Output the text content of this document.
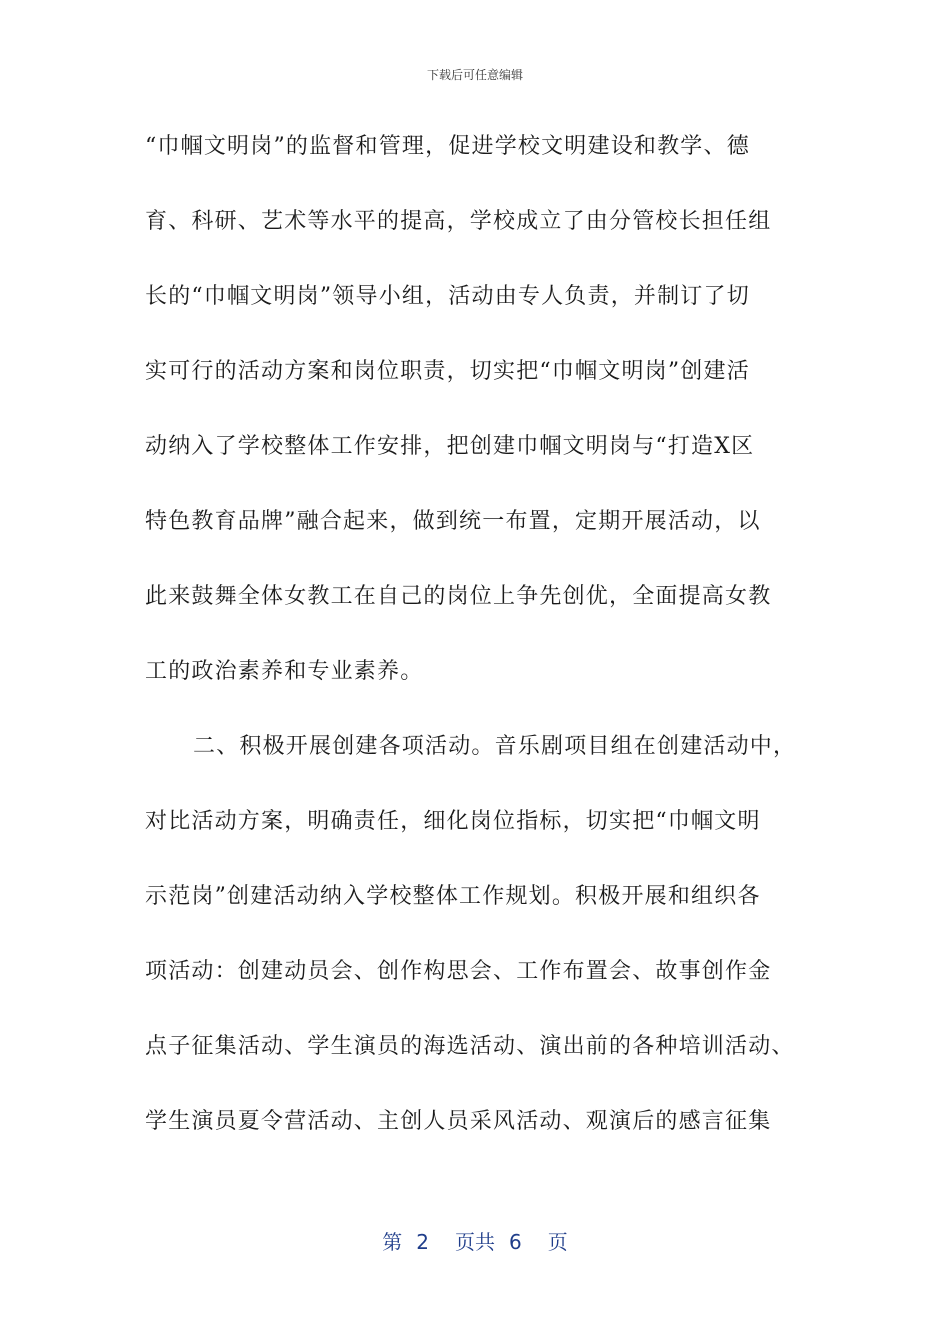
下载后可任意编辑
“巾帼文明岗”的监督和管理，促进学校文明建设和教学、德
育、科研、艺术等水平的提高，学校成立了由分管校长担任组
长的“巾帼文明岗”领导小组，活动由专人负责，并制订了切
实可行的活动方案和岗位职责，切实把“巾帼文明岗”创建活
动纳入了学校整体工作安排，把创建巾帼文明岗与“打造X区
特色教育品牌”融合起来，做到统一布置，定期开展活动，以
此来鼓舞全体女教工在自己的岗位上争先创优，全面提高女教
工的政治素养和专业素养。
二、积极开展创建各项活动。音乐剧项目组在创建活动中，
对比活动方案，明确责任，细化岗位指标，切实把“巾帼文明
示范岗”创建活动纳入学校整体工作规划。积极开展和组织各
项活动：创建动员会、创作构思会、工作布置会、故事创作金
点子征集活动、学生演员的海选活动、演出前的各种培训活动、
学生演员夏令营活动、主创人员采风活动、观演后的感言征集
第 2 页共 6 页
